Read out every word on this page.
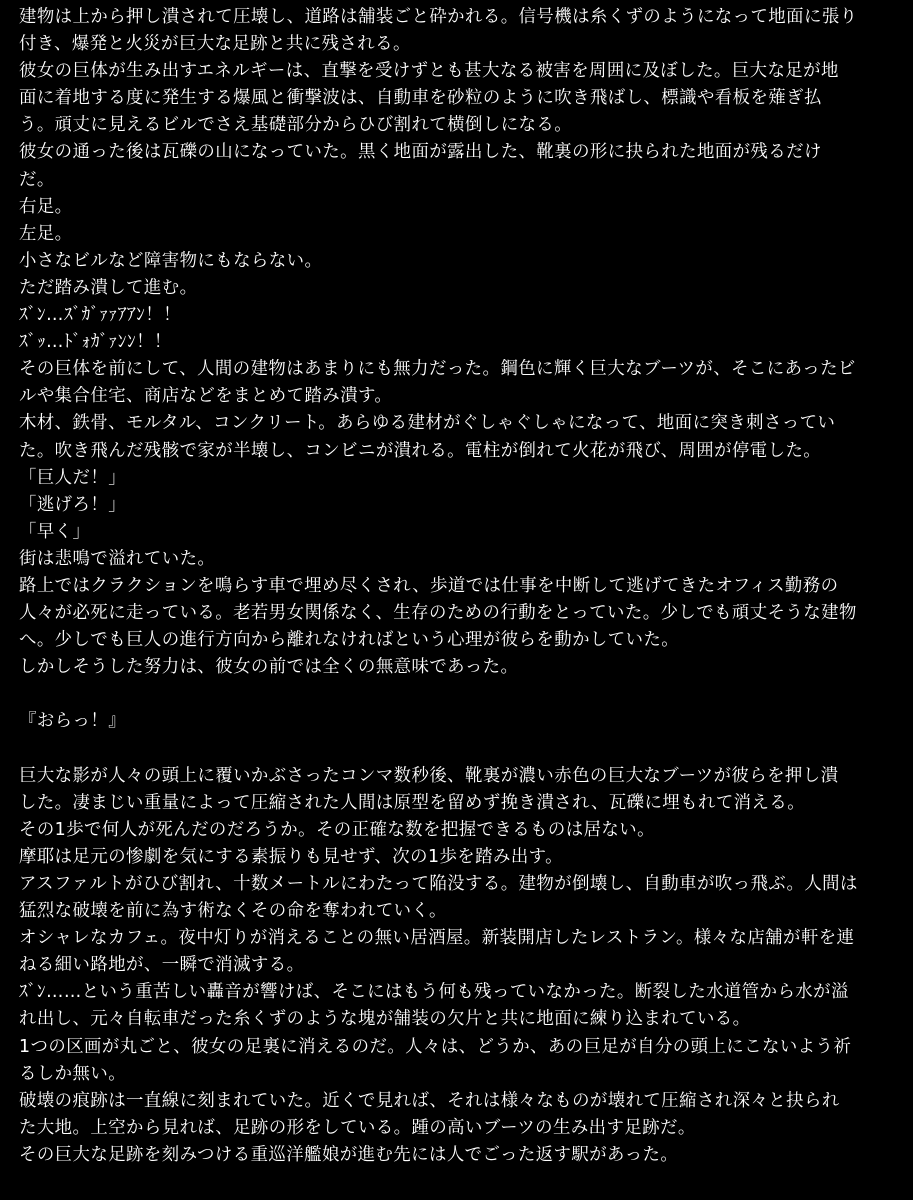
建物は上から押し潰されて圧壊し、道路は舗装ごと砕かれる。信号機は糸くずのようになって地面に張り
付き、爆発と火災が巨大な足跡と共に残される。
彼女の巨体が生み出すエネルギーは、直撃を受けずとも甚大なる被害を周囲に及ぼした。巨大な足が地
面に着地する度に発生する爆風と衝撃波は、自動車を砂粒のように吹き飛ばし、標識や看板を薙ぎ払
う。頑丈に見えるビルでさえ基礎部分からひび割れて横倒しになる。
彼女の通った後は瓦礫の山になっていた。黒く地面が露出した、靴裏の形に抉られた地面が残るだけ
だ。
右足。
左足。
小さなビルなど障害物にもならない。
ただ踏み潰して進む。
ｽﾞﾝ…ｽﾞｶﾞｧｧｱｱﾝ！！
ｽﾞｯ…ﾄﾞｫｶﾞｧﾝﾝ！！
その巨体を前にして、人間の建物はあまりにも無力だった。鋼色に輝く巨大なブーツが、そこにあったビ
ルや集合住宅、商店などをまとめて踏み潰す。
木材、鉄骨、モルタル、コンクリート。あらゆる建材がぐしゃぐしゃになって、地面に突き刺さってい
た。吹き飛んだ残骸で家が半壊し、コンビニが潰れる。電柱が倒れて火花が飛び、周囲が停電した。
「巨人だ！」
「逃げろ！」
「早く」
街は悲鳴で溢れていた。
路上ではクラクションを鳴らす車で埋め尽くされ、歩道では仕事を中断して逃げてきたオフィス勤務の
人々が必死に走っている。老若男女関係なく、生存のための行動をとっていた。少しでも頑丈そうな建物
へ。少しでも巨人の進行方向から離れなければという心理が彼らを動かしていた。
しかしそうした努力は、彼女の前では全くの無意味であった。
『おらっ！』
巨大な影が人々の頭上に覆いかぶさったコンマ数秒後、靴裏が濃い赤色の巨大なブーツが彼らを押し潰
した。凄まじい重量によって圧縮された人間は原型を留めず挽き潰され、瓦礫に埋もれて消える。
その1歩で何人が死んだのだろうか。その正確な数を把握できるものは居ない。
摩耶は足元の惨劇を気にする素振りも見せず、次の1歩を踏み出す。
アスファルトがひび割れ、十数メートルにわたって陥没する。建物が倒壊し、自動車が吹っ飛ぶ。人間は
猛烈な破壊を前に為す術なくその命を奪われていく。
オシャレなカフェ。夜中灯りが消えることの無い居酒屋。新装開店したレストラン。様々な店舗が軒を連
ねる細い路地が、一瞬で消滅する。
ｽﾞﾝ……という重苦しい轟音が響けば、そこにはもう何も残っていなかった。断裂した水道管から水が溢
れ出し、元々自転車だった糸くずのような塊が舗装の欠片と共に地面に練り込まれている。
1つの区画が丸ごと、彼女の足裏に消えるのだ。人々は、どうか、あの巨足が自分の頭上にこないよう祈
るしか無い。
破壊の痕跡は一直線に刻まれていた。近くで見れば、それは様々なものが壊れて圧縮され深々と抉られ
た大地。上空から見れば、足跡の形をしている。踵の高いブーツの生み出す足跡だ。
その巨大な足跡を刻みつける重巡洋艦娘が進む先には人でごった返す駅があった。
